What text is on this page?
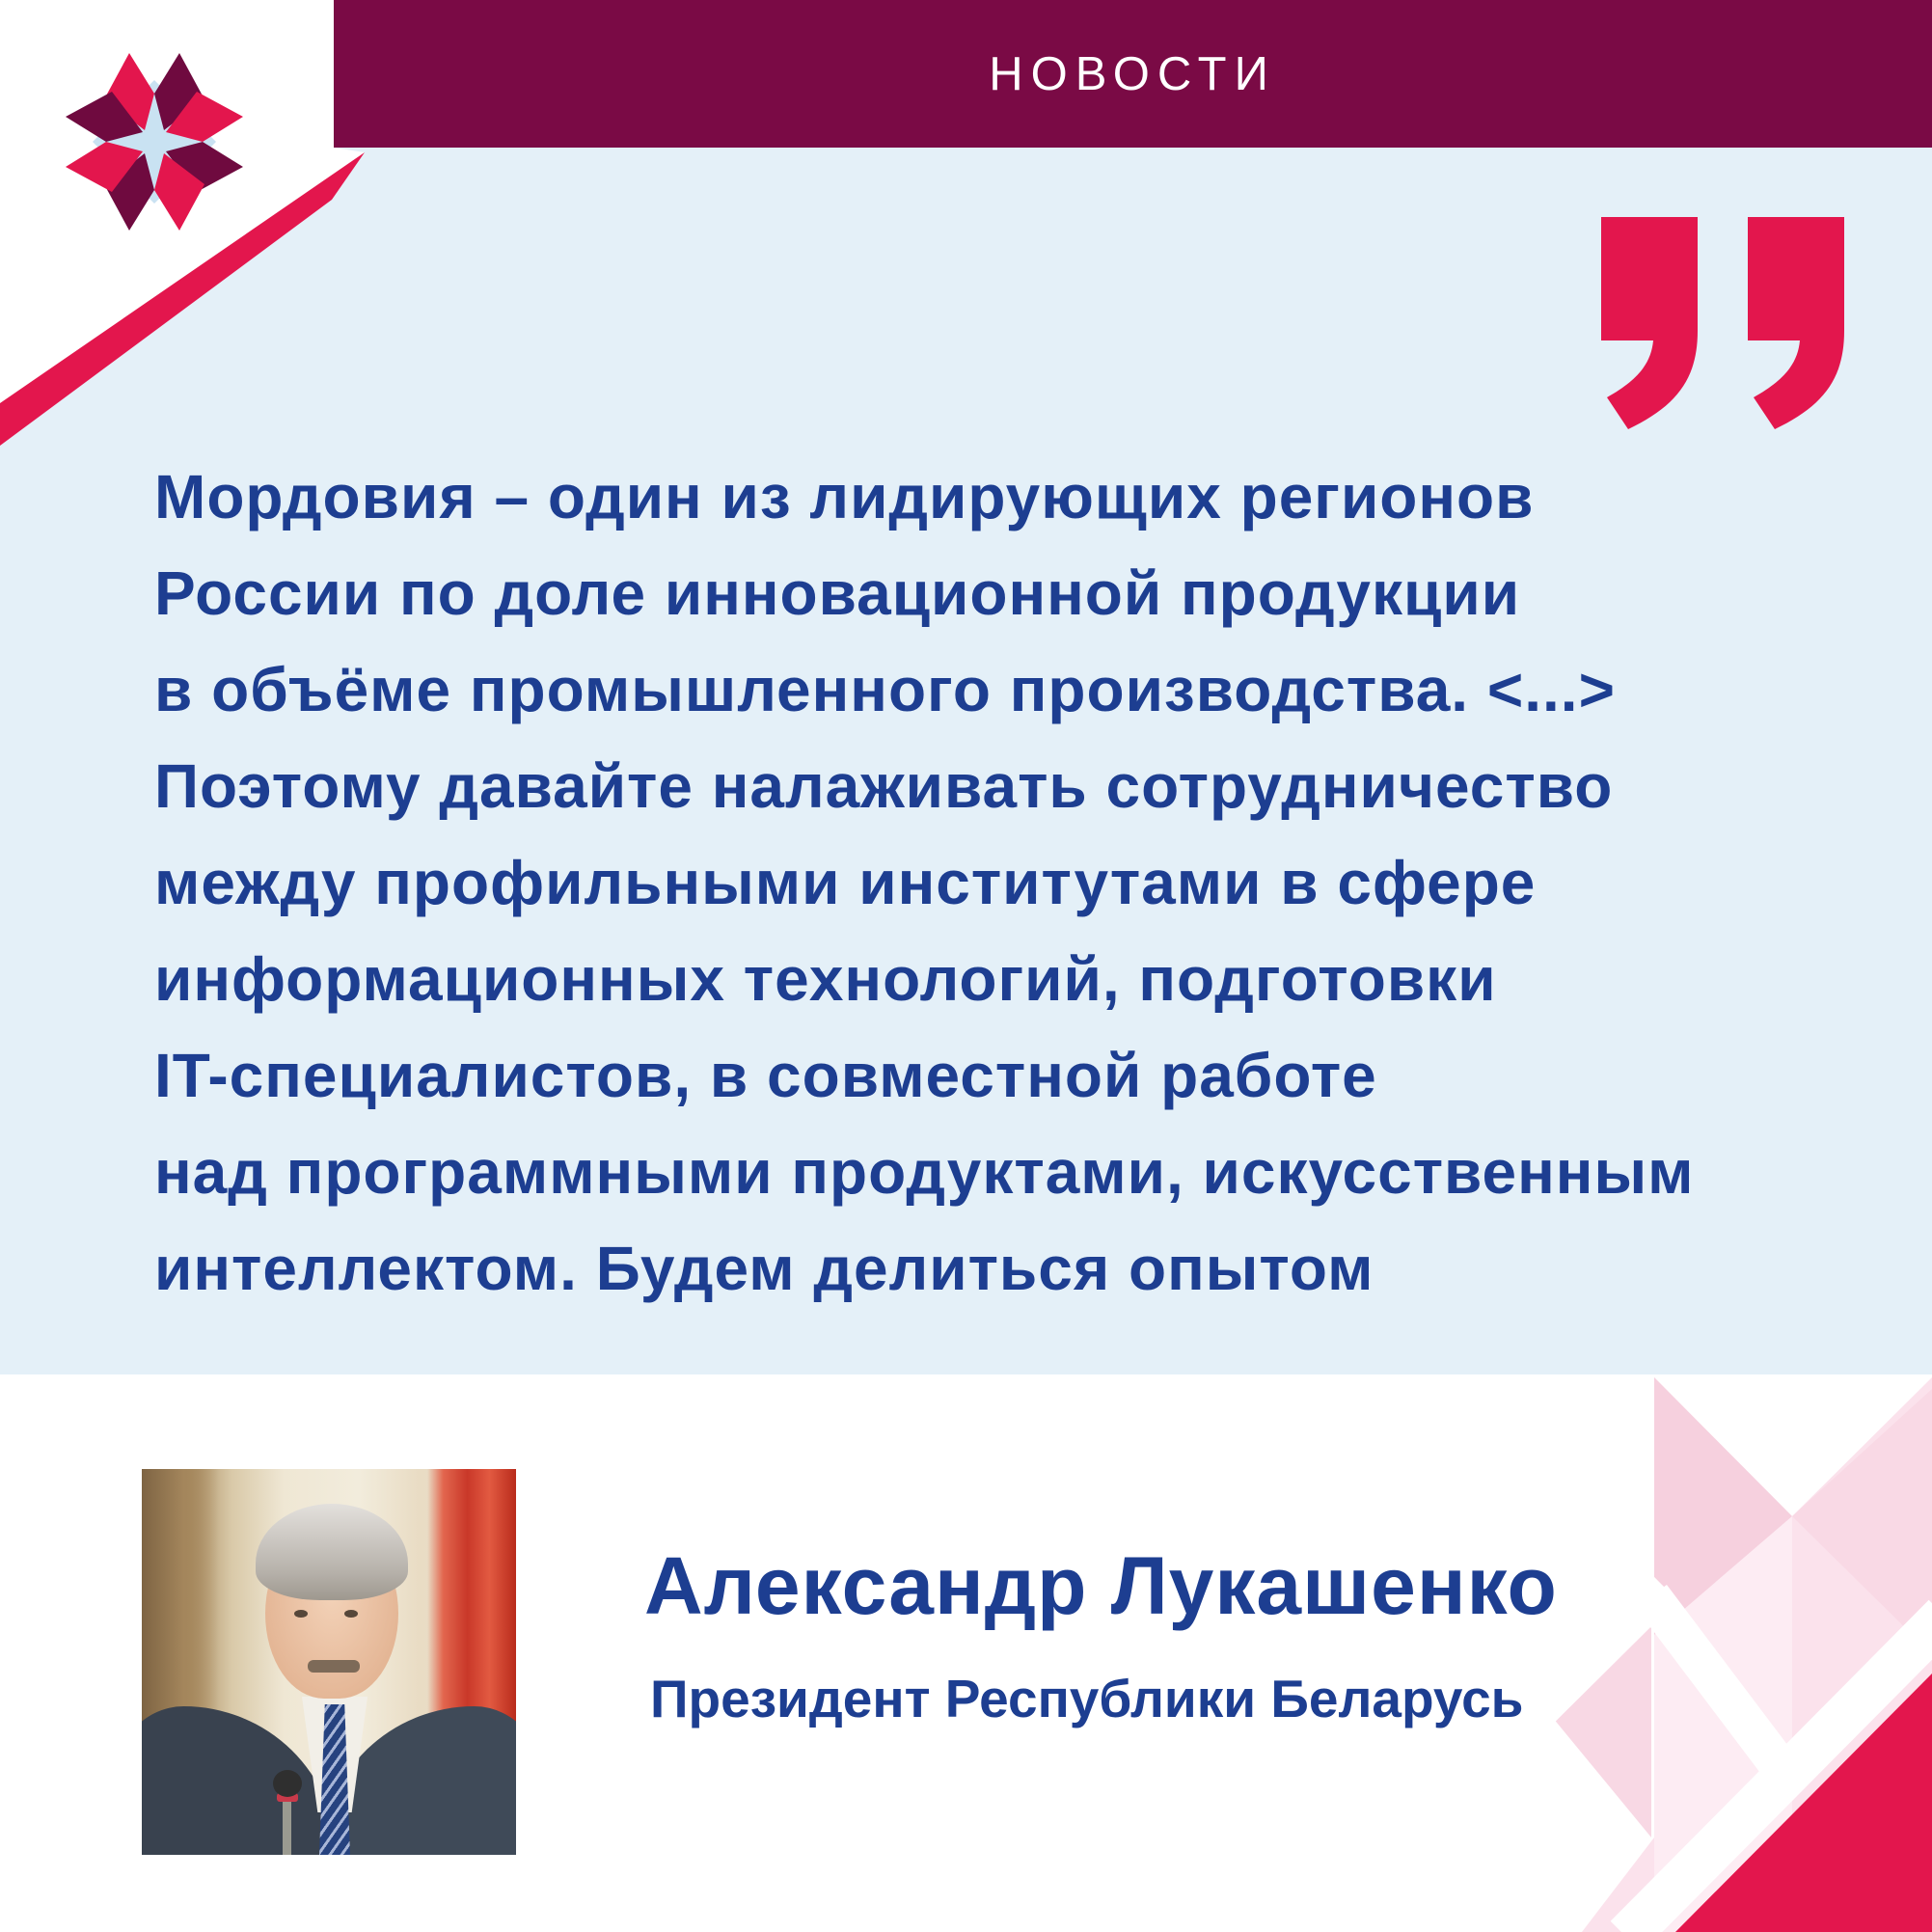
НОВОСТИ
Мордовия – один из лидирующих регионов
России по доле инновационной продукции
в объёме промышленного производства. <...>
Поэтому давайте налаживать сотрудничество
между профильными институтами в сфере
информационных технологий, подготовки
IT-специалистов, в совместной работе
над программными продуктами, искусственным
интеллектом. Будем делиться опытом
Александр Лукашенко
Президент Республики Беларусь
